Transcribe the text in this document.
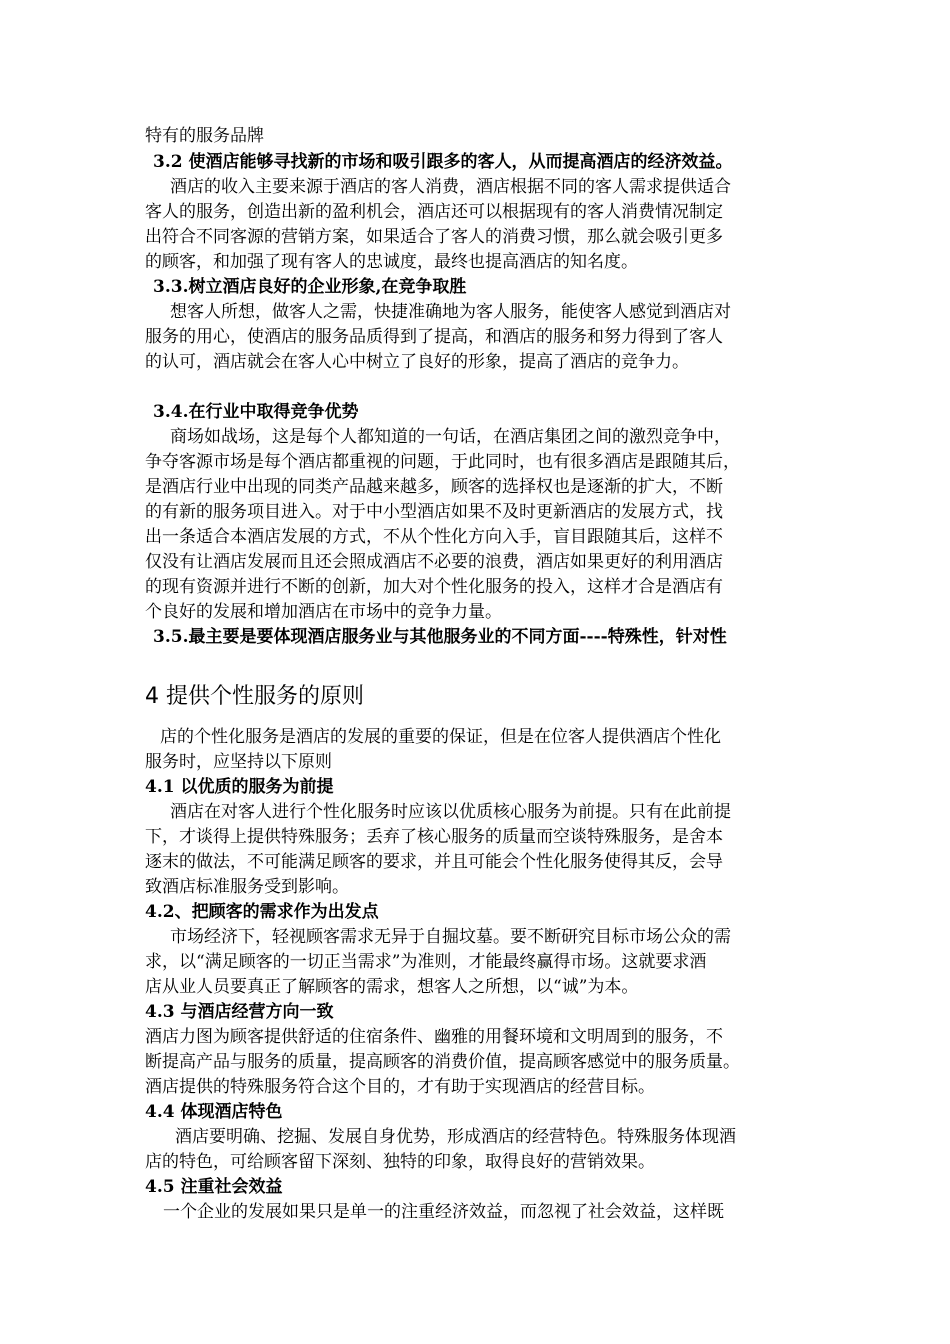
特有的服务品牌
3.2 使酒店能够寻找新的市场和吸引跟多的客人，从而提高酒店的经济效益。
酒店的收入主要来源于酒店的客人消费，酒店根据不同的客人需求提供适合
客人的服务，创造出新的盈利机会，酒店还可以根据现有的客人消费情况制定
出符合不同客源的营销方案，如果适合了客人的消费习惯，那么就会吸引更多
的顾客，和加强了现有客人的忠诚度，最终也提高酒店的知名度。
3.3.树立酒店良好的企业形象,在竞争取胜
想客人所想，做客人之需，快捷准确地为客人服务，能使客人感觉到酒店对
服务的用心，使酒店的服务品质得到了提高，和酒店的服务和努力得到了客人
的认可，酒店就会在客人心中树立了良好的形象，提高了酒店的竞争力。
3.4.在行业中取得竞争优势
商场如战场，这是每个人都知道的一句话，在酒店集团之间的激烈竞争中，
争夺客源市场是每个酒店都重视的问题，于此同时，也有很多酒店是跟随其后，
是酒店行业中出现的同类产品越来越多，顾客的选择权也是逐渐的扩大，不断
的有新的服务项目进入。对于中小型酒店如果不及时更新酒店的发展方式，找
出一条适合本酒店发展的方式，不从个性化方向入手，盲目跟随其后，这样不
仅没有让酒店发展而且还会照成酒店不必要的浪费，酒店如果更好的利用酒店
的现有资源并进行不断的创新，加大对个性化服务的投入，这样才合是酒店有
个良好的发展和增加酒店在市场中的竞争力量。
3.5.最主要是要体现酒店服务业与其他服务业的不同方面----特殊性，针对性
4 提供个性服务的原则
店的个性化服务是酒店的发展的重要的保证，但是在位客人提供酒店个性化
服务时，应坚持以下原则
4.1 以优质的服务为前提
酒店在对客人进行个性化服务时应该以优质核心服务为前提。只有在此前提
下，才谈得上提供特殊服务；丢弃了核心服务的质量而空谈特殊服务，是舍本
逐末的做法，不可能满足顾客的要求，并且可能会个性化服务使得其反，会导
致酒店标准服务受到影响。
4.2、把顾客的需求作为出发点
市场经济下，轻视顾客需求无异于自掘坟墓。要不断研究目标市场公众的需
求，以“满足顾客的一切正当需求”为准则，才能最终赢得市场。这就要求酒
店从业人员要真正了解顾客的需求，想客人之所想，以“诚”为本。
4.3 与酒店经营方向一致
酒店力图为顾客提供舒适的住宿条件、幽雅的用餐环境和文明周到的服务，不
断提高产品与服务的质量，提高顾客的消费价值，提高顾客感觉中的服务质量。
酒店提供的特殊服务符合这个目的，才有助于实现酒店的经营目标。
4.4 体现酒店特色
酒店要明确、挖掘、发展自身优势，形成酒店的经营特色。特殊服务体现酒
店的特色，可给顾客留下深刻、独特的印象，取得良好的营销效果。
4.5 注重社会效益
一个企业的发展如果只是单一的注重经济效益，而忽视了社会效益，这样既
